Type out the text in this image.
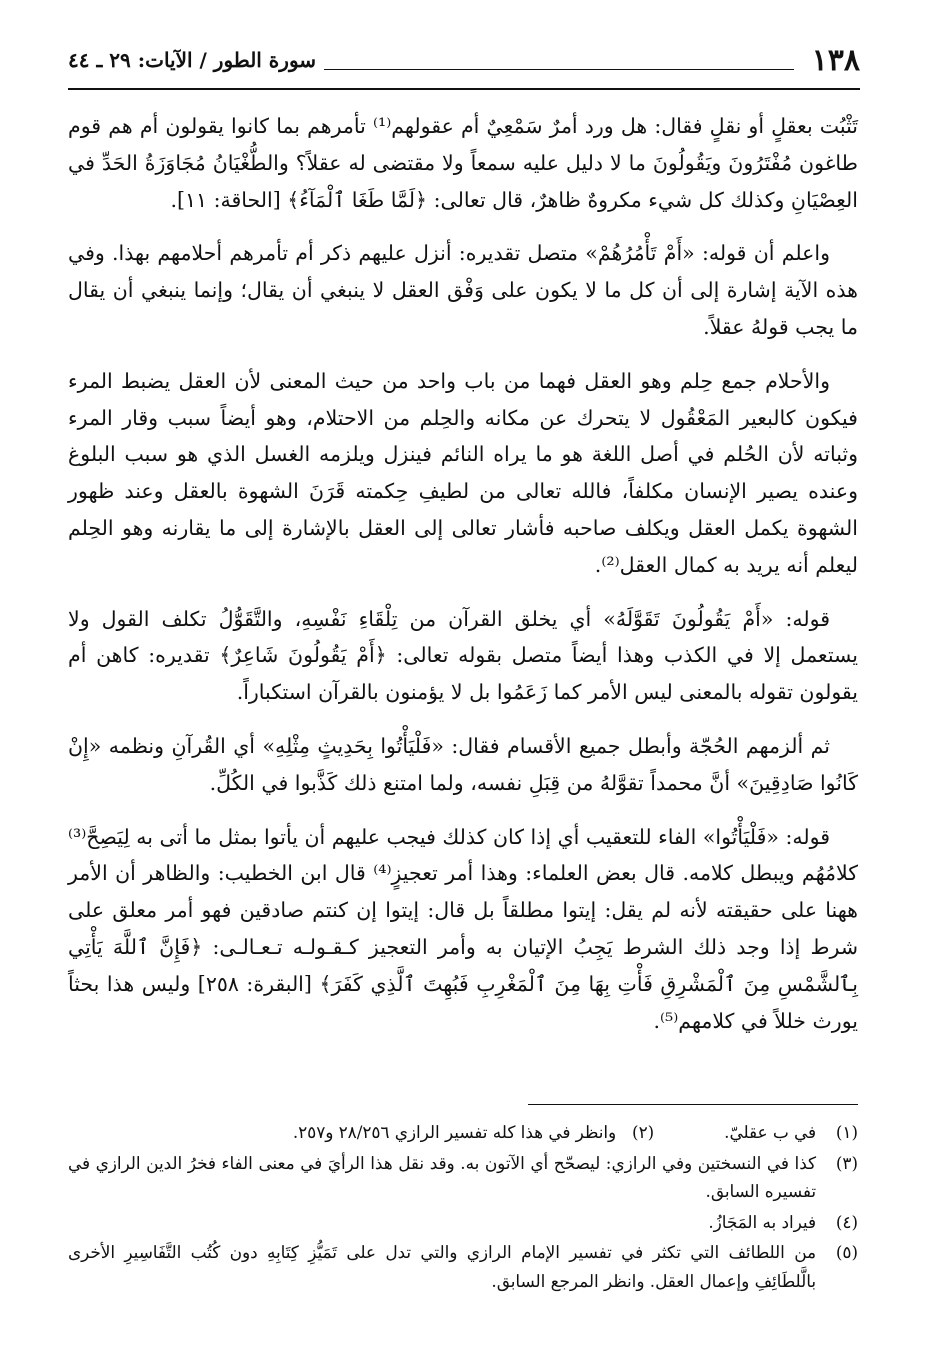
١٣٨
سورة الطور / الآيات: ٢٩ ـ ٤٤

تَثْبُت بعقلٍ أو نقلٍ فقال: هل ورد أمرٌ سَمْعِيٌ أم عقولهم⁽¹⁾ تأمرهم بما كانوا يقولون أم هم قوم طاغون مُفْتَرُونَ ويَقُولُونَ ما لا دليل عليه سمعاً ولا مقتضى له عقلاً؟ والطُّغْيَانُ مُجَاوَزَةُ الحَدِّ في العِصْيَانِ وكذلك كل شيء مكروهٌ ظاهرٌ، قال تعالى: ﴿لَمَّا طَغَا ٱلْمَآءُ﴾ [الحاقة: ١١].

واعلم أن قوله: «أَمْ تَأْمُرُهُمْ» متصل تقديره: أنزل عليهم ذكر أم تأمرهم أحلامهم بهذا. وفي هذه الآية إشارة إلى أن كل ما لا يكون على وَفْق العقل لا ينبغي أن يقال؛ وإنما ينبغي أن يقال ما يجب قولهُ عقلاً.

والأحلام جمع حِلم وهو العقل فهما من باب واحد من حيث المعنى لأن العقل يضبط المرء فيكون كالبعير المَعْقُول لا يتحرك عن مكانه والحِلم من الاحتلام، وهو أيضاً سبب وقار المرء وثباته لأن الحُلم في أصل اللغة هو ما يراه النائم فينزل ويلزمه الغسل الذي هو سبب البلوغ وعنده يصير الإنسان مكلفاً، فالله تعالى من لطيفِ حِكمته قَرَنَ الشهوة بالعقل وعند ظهور الشهوة يكمل العقل ويكلف صاحبه فأشار تعالى إلى العقل بالإشارة إلى ما يقارنه وهو الحِلم ليعلم أنه يريد به كمال العقل⁽²⁾.

قوله: «أَمْ يَقُولُونَ تَقَوَّلَهُ» أي يخلق القرآن من تِلْقَاءِ نَفْسِهِ، والتَّقَوُّلُ تكلف القول ولا يستعمل إلا في الكذب وهذا أيضاً متصل بقوله تعالى: ﴿أَمْ يَقُولُونَ شَاعِرٌ﴾ تقديره: كاهن أم يقولون تقوله بالمعنى ليس الأمر كما زَعَمُوا بل لا يؤمنون بالقرآن استكباراً.

ثم ألزمهم الحُجّة وأبطل جميع الأقسام فقال: «فَلْيَأْتُوا بِحَدِيثٍ مِثْلِهِ» أي القُرآنِ ونظمه «إِنْ كَانُوا صَادِقِينَ» أنَّ محمداً تقوَّلهُ من قِبَلِ نفسه، ولما امتنع ذلك كَذَّبوا في الكُلِّ.

قوله: «فَلْيَأْتُوا» الفاء للتعقيب أي إذا كان كذلك فيجب عليهم أن يأتوا بمثل ما أتى به لِيَصِحَّ⁽³⁾ كلامُهُم ويبطل كلامه. قال بعض العلماء: وهذا أمر تعجيزٍ⁽⁴⁾ قال ابن الخطيب: والظاهر أن الأمر ههنا على حقيقته لأنه لم يقل: إيتوا مطلقاً بل قال: إيتوا إن كنتم صادقين فهو أمر معلق على شرط إذا وجد ذلك الشرط يَجِبُ الإتيان به وأمر التعجيز كـقـولـه تـعـالـى: ﴿فَإِنَّ ٱللَّهَ يَأْتِي بِٱلشَّمْسِ مِنَ ٱلْمَشْرِقِ فَأْتِ بِهَا مِنَ ٱلْمَغْرِبِ فَبُهِتَ ٱلَّذِي كَفَرَ﴾ [البقرة: ٢٥٨] وليس هذا بحثاً يورث خللاً في كلامهم⁽⁵⁾.

(١)
في ب عقليّ.
(٢)
وانظر في هذا كله تفسير الرازي ٢٨/٢٥٦ و٢٥٧.
(٣)
كذا في النسختين وفي الرازي: ليصحّح أي الآتون به. وقد نقل هذا الرأيَ في معنى الفاء فخرُ الدين الرازي في تفسيره السابق.
(٤)
فيراد به المَجَازُ.
(٥)
من اللطائف التي تكثر في تفسير الإمام الرازي والتي تدل على تَمَيُّزِ كِتَابِهِ دون كُتُب التَّفَاسِيرِ الأخرى بالَّلطَائِفِ وإعمال العقل. وانظر المرجع السابق.
